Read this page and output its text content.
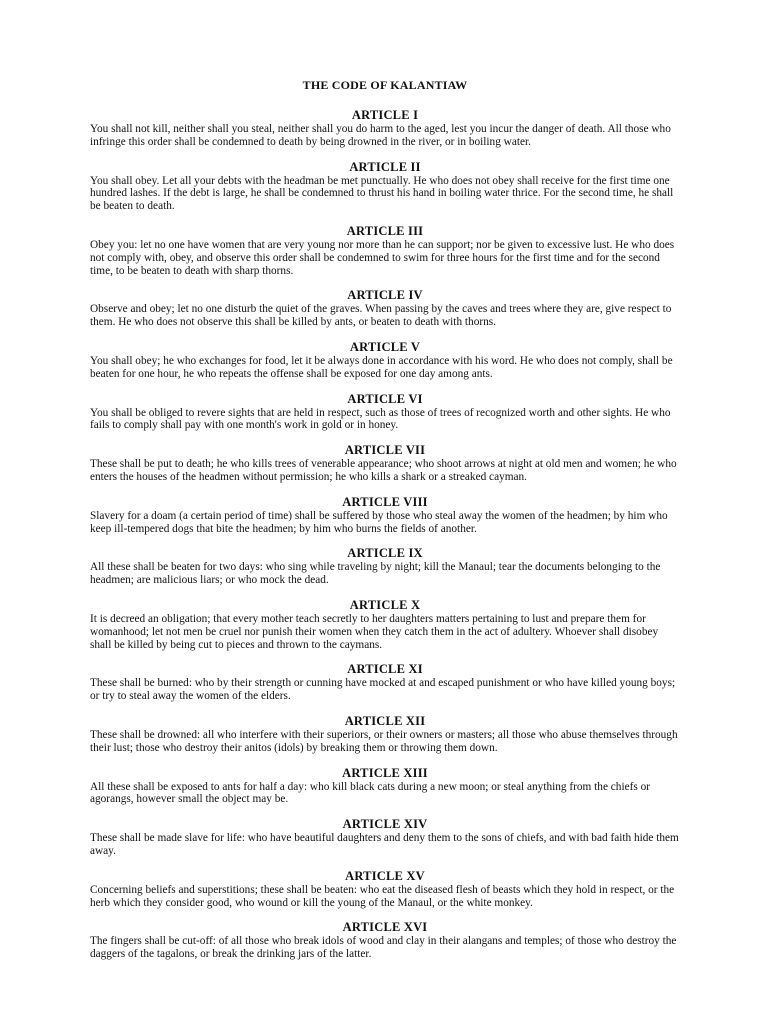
THE CODE OF KALANTIAW
ARTICLE I

You shall not kill, neither shall you steal, neither shall you do harm to the aged, lest you incur the danger of death. All those who infringe this order shall be condemned to death by being drowned in the river, or in boiling water.

ARTICLE II

You shall obey. Let all your debts with the headman be met punctually. He who does not obey shall receive for the first time one hundred lashes. If the debt is large, he shall be condemned to thrust his hand in boiling water thrice. For the second time, he shall be beaten to death.

ARTICLE III

Obey you: let no one have women that are very young nor more than he can support; nor be given to excessive lust. He who does not comply with, obey, and observe this order shall be condemned to swim for three hours for the first time and for the second time, to be beaten to death with sharp thorns.

ARTICLE IV

Observe and obey; let no one disturb the quiet of the graves. When passing by the caves and trees where they are, give respect to them. He who does not observe this shall be killed by ants, or beaten to death with thorns.

ARTICLE V

You shall obey; he who exchanges for food, let it be always done in accordance with his word. He who does not comply, shall be beaten for one hour, he who repeats the offense shall be exposed for one day among ants.

ARTICLE VI

You shall be obliged to revere sights that are held in respect, such as those of trees of recognized worth and other sights. He who fails to comply shall pay with one month's work in gold or in honey.

ARTICLE VII

These shall be put to death; he who kills trees of venerable appearance; who shoot arrows at night at old men and women; he who enters the houses of the headmen without permission; he who kills a shark or a streaked cayman.

ARTICLE VIII

Slavery for a doam (a certain period of time) shall be suffered by those who steal away the women of the headmen; by him who keep ill-tempered dogs that bite the headmen; by him who burns the fields of another.

ARTICLE IX

All these shall be beaten for two days: who sing while traveling by night; kill the Manaul; tear the documents belonging to the headmen; are malicious liars; or who mock the dead.

ARTICLE X

It is decreed an obligation; that every mother teach secretly to her daughters matters pertaining to lust and prepare them for womanhood; let not men be cruel nor punish their women when they catch them in the act of adultery. Whoever shall disobey shall be killed by being cut to pieces and thrown to the caymans.

ARTICLE XI

These shall be burned: who by their strength or cunning have mocked at and escaped punishment or who have killed young boys; or try to steal away the women of the elders.

ARTICLE XII

These shall be drowned: all who interfere with their superiors, or their owners or masters; all those who abuse themselves through their lust; those who destroy their anitos (idols) by breaking them or throwing them down.

ARTICLE XIII

All these shall be exposed to ants for half a day: who kill black cats during a new moon; or steal anything from the chiefs or agorangs, however small the object may be.

ARTICLE XIV

These shall be made slave for life: who have beautiful daughters and deny them to the sons of chiefs, and with bad faith hide them away.

ARTICLE XV

Concerning beliefs and superstitions; these shall be beaten: who eat the diseased flesh of beasts which they hold in respect, or the herb which they consider good, who wound or kill the young of the Manaul, or the white monkey.

ARTICLE XVI

The fingers shall be cut-off: of all those who break idols of wood and clay in their alangans and temples; of those who destroy the daggers of the tagalons, or break the drinking jars of the latter.
